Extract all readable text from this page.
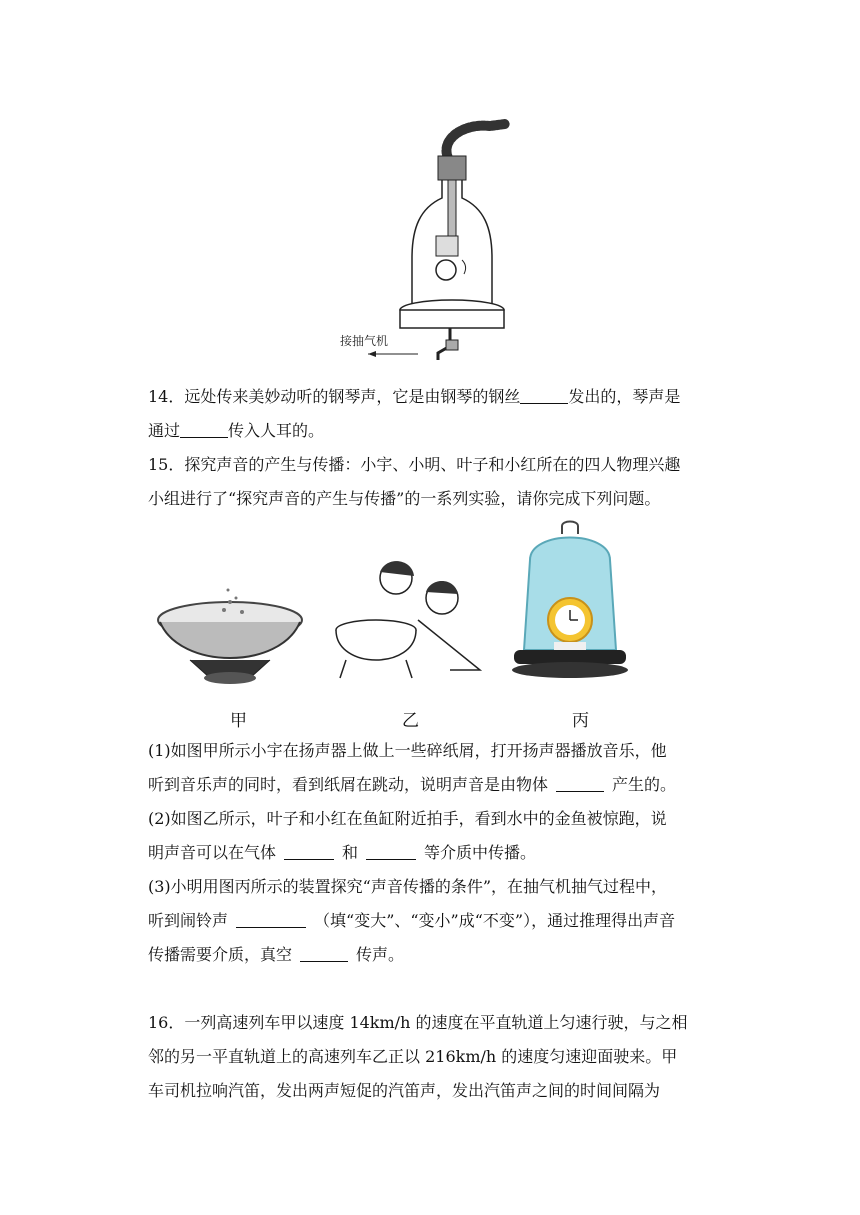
接抽气机
14．远处传来美妙动听的钢琴声，它是由钢琴的钢丝	发出的，琴声是
通过	传入人耳的。
15．探究声音的产生与传播：小宇、小明、叶子和小红所在的四人物理兴趣
小组进行了“探究声音的产生与传播”的一系列实验，请你完成下列问题。
甲	乙	丙
(1)如图甲所示小宇在扬声器上做上一些碎纸屑，打开扬声器播放音乐，他
听到音乐声的同时，看到纸屑在跳动，说明声音是由物体	产生的。
(2)如图乙所示，叶子和小红在鱼缸附近拍手，看到水中的金鱼被惊跑，说
明声音可以在气体	和	等介质中传播。
(3)小明用图丙所示的装置探究“声音传播的条件”，在抽气机抽气过程中，
听到闹铃声	（填“变大”、“变小”成“不变”），通过推理得出声音
传播需要介质，真空	传声。
16．一列高速列车甲以速度 14km/h 的速度在平直轨道上匀速行驶，与之相
邻的另一平直轨道上的高速列车乙正以 216km/h 的速度匀速迎面驶来。甲
车司机拉响汽笛，发出两声短促的汽笛声，发出汽笛声之间的时间间隔为
